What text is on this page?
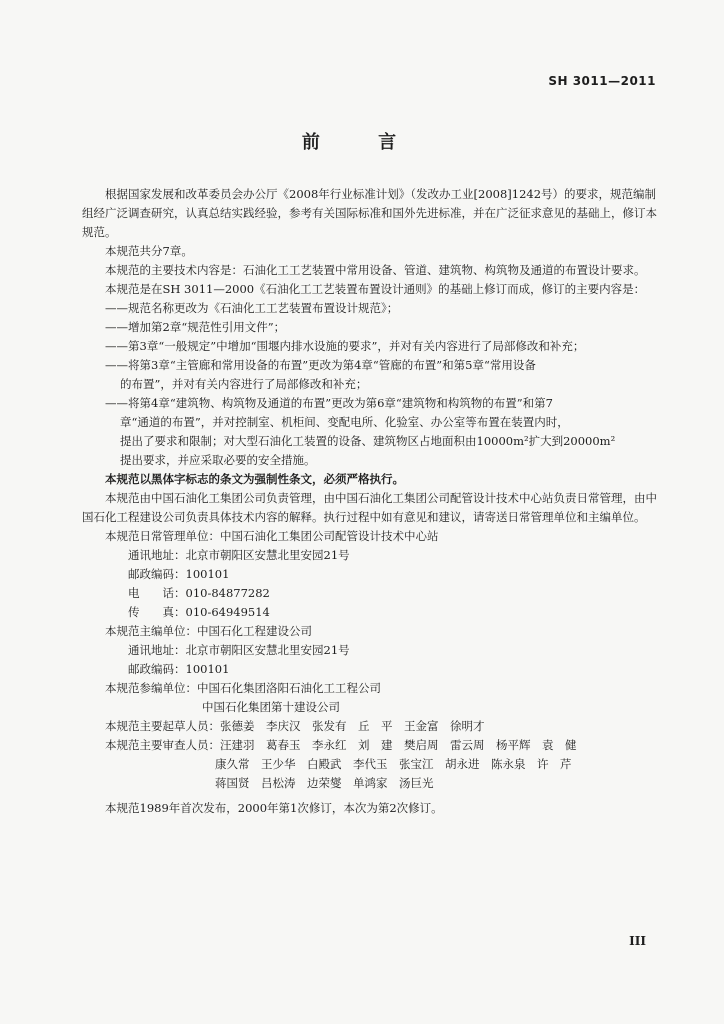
SH 3011—2011
前 言

根据国家发展和改革委员会办公厅《2008年行业标准计划》（发改办工业[2008]1242号）的要求，规范编制组经广泛调查研究，认真总结实践经验，参考有关国际标准和国外先进标准，并在广泛征求意见的基础上，修订本规范。

本规范共分7章。

本规范的主要技术内容是：石油化工工艺装置中常用设备、管道、建筑物、构筑物及通道的布置设计要求。

本规范是在SH 3011—2000《石油化工工艺装置布置设计通则》的基础上修订而成，修订的主要内容是：

——规范名称更改为《石油化工工艺装置布置设计规范》；

——增加第2章“规范性引用文件”；

——第3章“一般规定”中增加“围堰内排水设施的要求”，并对有关内容进行了局部修改和补充；

——将第3章“主管廊和常用设备的布置”更改为第4章“管廊的布置”和第5章“常用设备

的布置”，并对有关内容进行了局部修改和补充；

——将第4章“建筑物、构筑物及通道的布置”更改为第6章“建筑物和构筑物的布置”和第7

章“通道的布置”，并对控制室、机柜间、变配电所、化验室、办公室等布置在装置内时，

提出了要求和限制；对大型石油化工装置的设备、建筑物区占地面积由10000m²扩大到20000m²

提出要求，并应采取必要的安全措施。

本规范以黑体字标志的条文为强制性条文，必须严格执行。

本规范由中国石油化工集团公司负责管理，由中国石油化工集团公司配管设计技术中心站负责日常管理，由中国石化工程建设公司负责具体技术内容的解释。执行过程中如有意见和建议，请寄送日常管理单位和主编单位。

本规范日常管理单位：中国石油化工集团公司配管设计技术中心站

通讯地址：北京市朝阳区安慧北里安园21号

邮政编码：100101

电　　话：010-84877282

传　　真：010-64949514

本规范主编单位：中国石化工程建设公司

通讯地址：北京市朝阳区安慧北里安园21号

邮政编码：100101

本规范参编单位：中国石化集团洛阳石油化工工程公司

中国石化集团第十建设公司

本规范主要起草人员： 张德姜　李庆汉　张发有　丘　平　王金富　徐明才
本规范主要审查人员： 汪建羽　葛春玉　李永红　刘　建　樊启周　雷云周　杨平辉　袁　健

康久常　王少华　白殿武　李代玉　张宝江　胡永进　陈永泉　许　芹

蒋国贤　吕松涛　边荣燮　单鸿家　汤巨光

本规范1989年首次发布，2000年第1次修订，本次为第2次修订。

III
